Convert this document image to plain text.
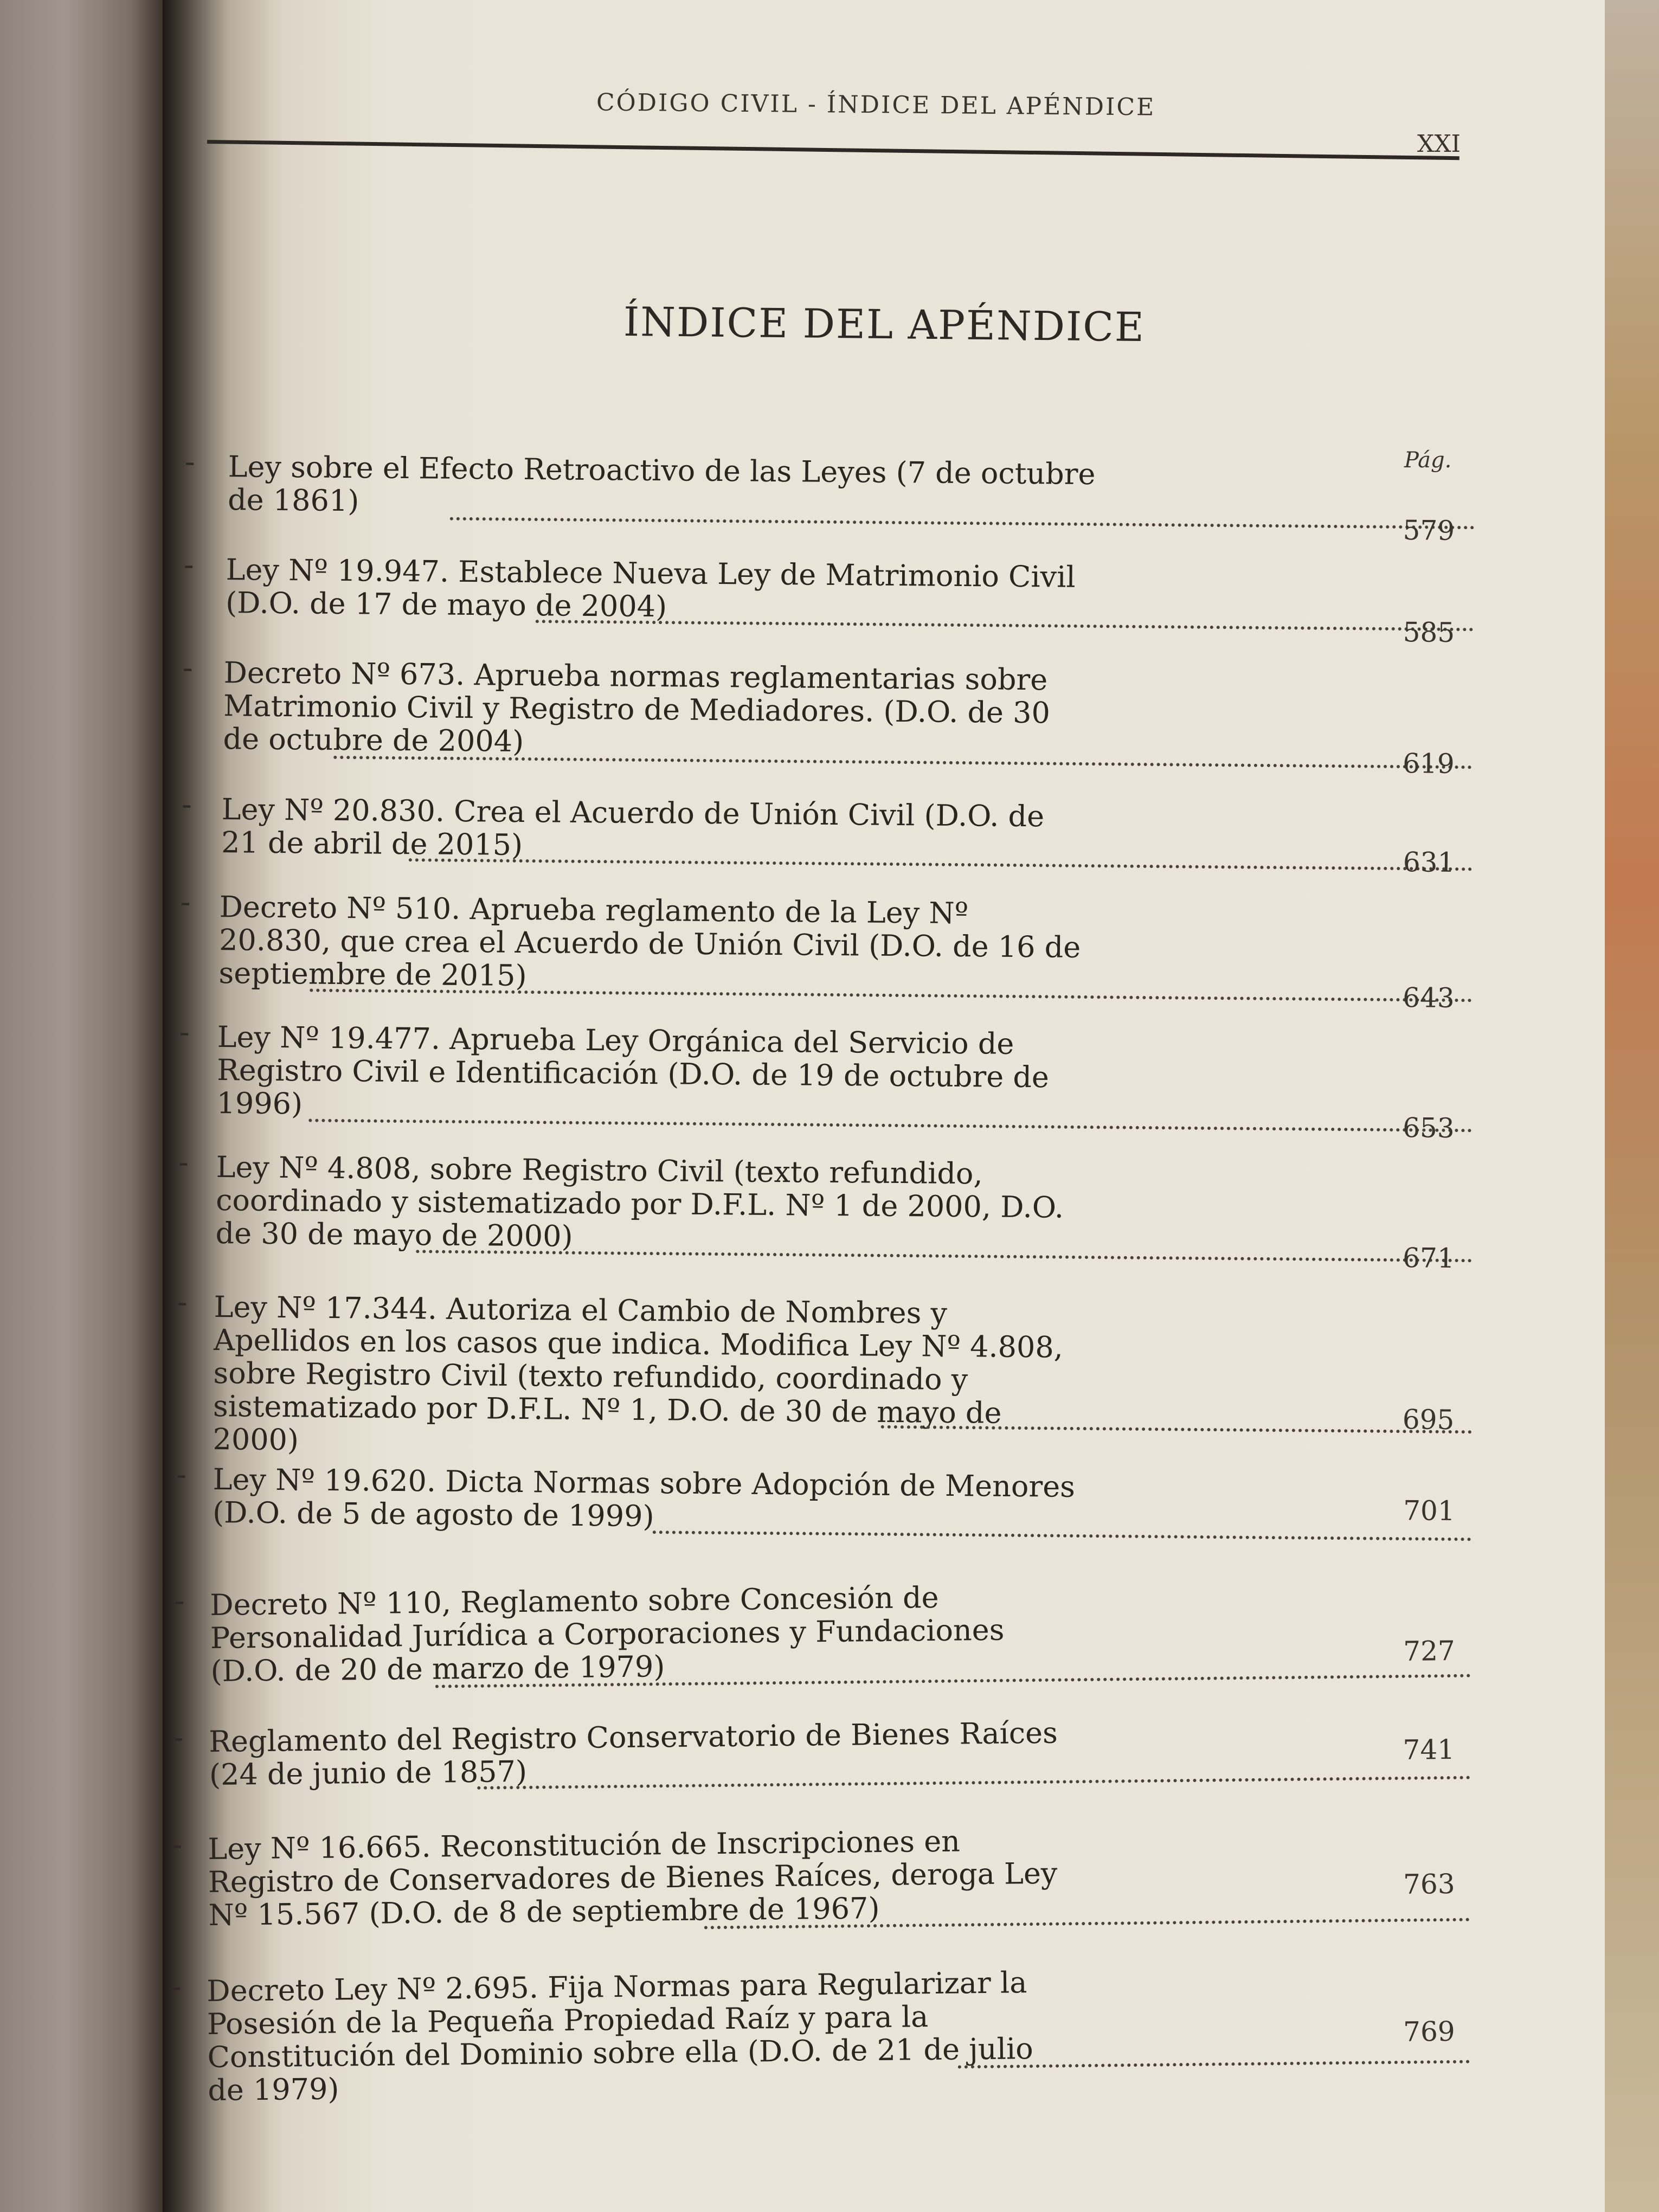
CÓDIGO CIVIL - ÍNDICE DEL APÉNDICE
XXI
ÍNDICE DEL APÉNDICE
Pág.
- Ley sobre el Efecto Retroactivo de las Leyes (7 de octubre de 1861)
579
- Ley Nº 19.947. Establece Nueva Ley de Matrimonio Civil (D.O. de 17 de mayo de 2004)
585
- Decreto Nº 673. Aprueba normas reglamentarias sobre Matrimonio Civil y Registro de Mediadores. (D.O. de 30 de octubre de 2004)
619
- Ley Nº 20.830. Crea el Acuerdo de Unión Civil (D.O. de 21 de abril de 2015)
631
- Decreto Nº 510. Aprueba reglamento de la Ley Nº 20.830, que crea el Acuerdo de Unión Civil (D.O. de 16 de septiembre de 2015)
643
- Ley Nº 19.477. Aprueba Ley Orgánica del Servicio de Registro Civil e Identificación (D.O. de 19 de octubre de 1996)
653
- Ley Nº 4.808, sobre Registro Civil (texto refundido, coordinado y sistematizado por D.F.L. Nº 1 de 2000, D.O. de 30 de mayo de 2000)
671
- Ley Nº 17.344. Autoriza el Cambio de Nombres y Apellidos en los casos que indica. Modifica Ley Nº 4.808, sobre Registro Civil (texto refundido, coordinado y sistematizado por D.F.L. Nº 1, D.O. de 30 de mayo de 2000)
695
- Ley Nº 19.620. Dicta Normas sobre Adopción de Menores (D.O. de 5 de agosto de 1999)	701
- Decreto Nº 110, Reglamento sobre Concesión de Personalidad Jurídica a Corporaciones y Fundaciones (D.O. de 20 de marzo de 1979)	727
- Reglamento del Registro Conservatorio de Bienes Raíces (24 de junio de 1857)
741
- Ley Nº 16.665. Reconstitución de Inscripciones en Registro de Conservadores de Bienes Raíces, deroga Ley Nº 15.567 (D.O. de 8 de septiembre de 1967)
763
- Decreto Ley Nº 2.695. Fija Normas para Regularizar la Posesión de la Pequeña Propiedad Raíz y para la Constitución del Dominio sobre ella (D.O. de 21 de julio de 1979)
769
